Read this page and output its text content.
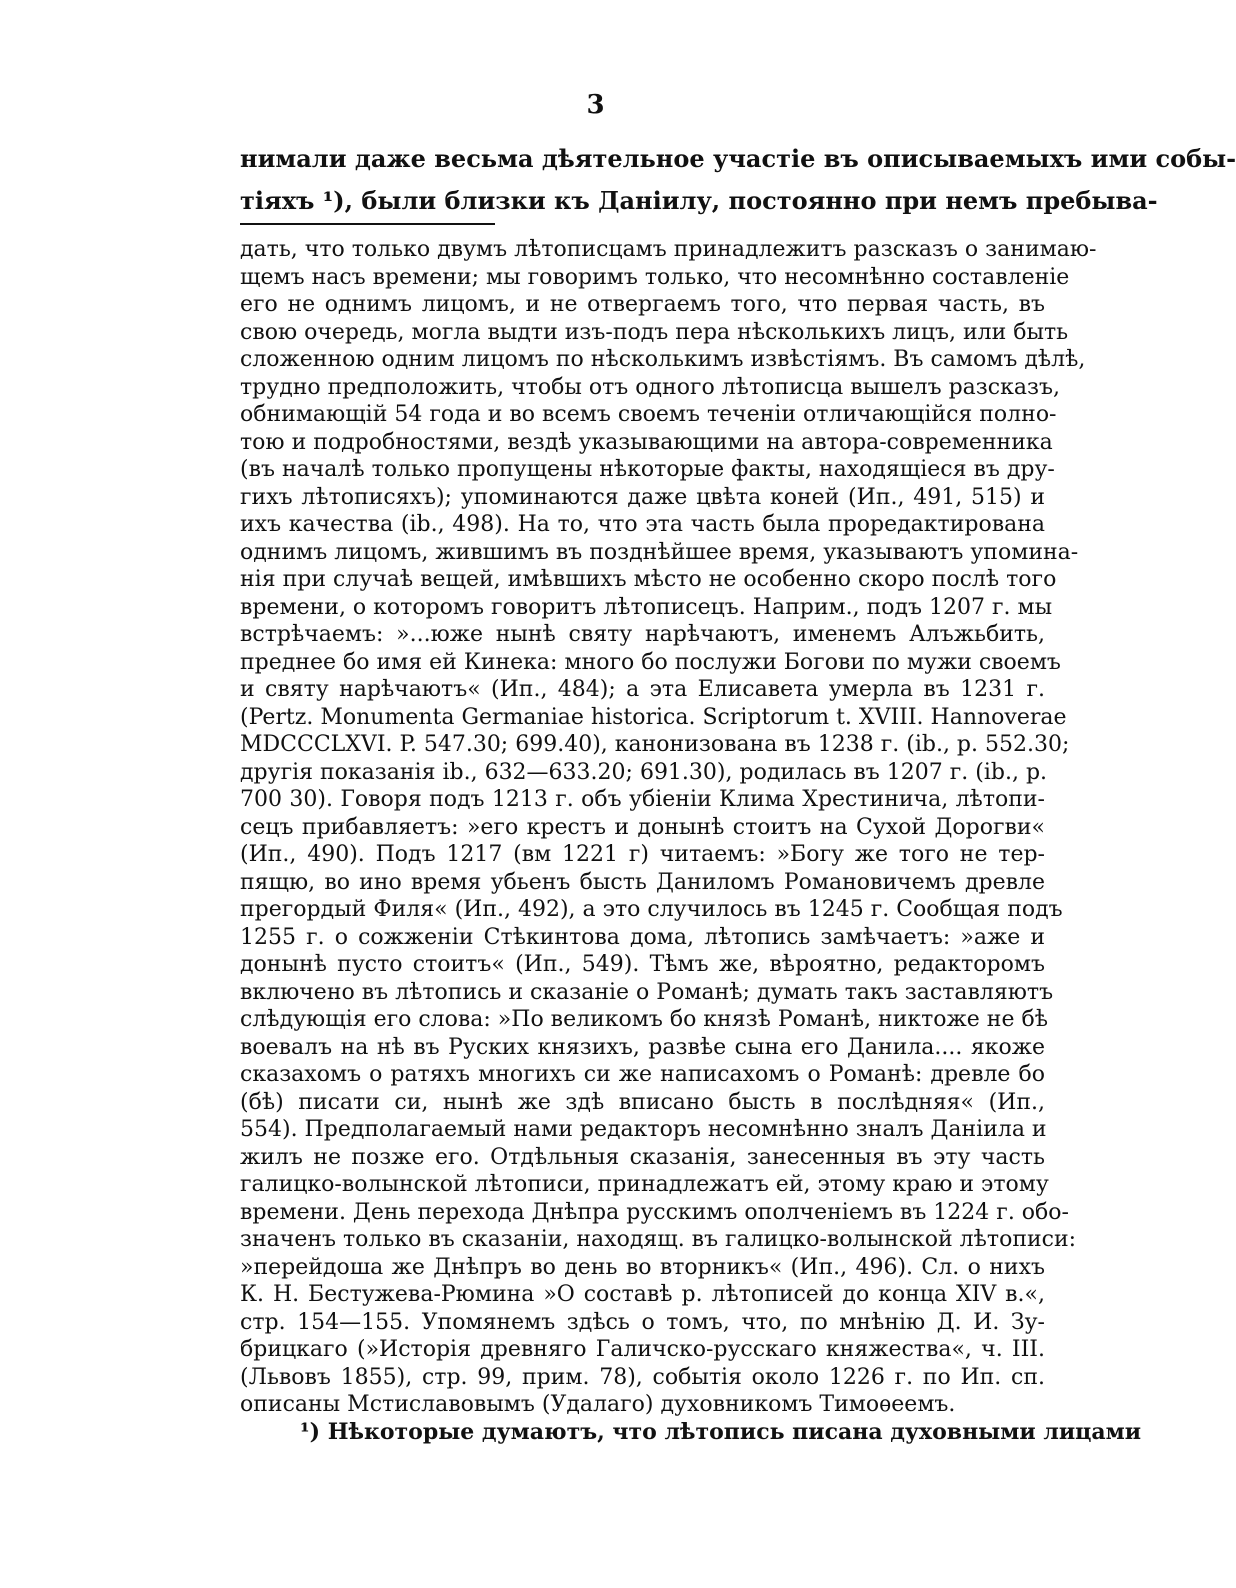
3
нимали даже весьма дѣятельное участіе въ описываемыхъ ими собы-
тіяхъ ¹), были близки къ Даніилу, постоянно при немъ пребыва-
дать, что только двумъ лѣтописцамъ принадлежитъ разсказъ о занимаю-
щемъ насъ времени; мы говоримъ только, что несомнѣнно составленіе
его не однимъ лицомъ, и не отвергаемъ того, что первая часть, въ
свою очередь, могла выдти изъ-подъ пера нѣсколькихъ лицъ, или быть
сложенною одним лицомъ по нѣсколькимъ извѣстіямъ. Въ самомъ дѣлѣ,
трудно предположить, чтобы отъ одного лѣтописца вышелъ разсказъ,
обнимающій 54 года и во всемъ своемъ теченіи отличающійся полно-
тою и подробностями, вездѣ указывающими на автора-современника
(въ началѣ только пропущены нѣкоторые факты, находящіеся въ дру-
гихъ лѣтописяхъ); упоминаются даже цвѣта коней (Ип., 491, 515) и
ихъ качества (ib., 498). На то, что эта часть была проредактирована
однимъ лицомъ, жившимъ въ позднѣйшее время, указываютъ упомина-
нія при случаѣ вещей, имѣвшихъ мѣсто не особенно скоро послѣ того
времени, о которомъ говоритъ лѣтописецъ. Наприм., подъ 1207 г. мы
встрѣчаемъ: »...юже нынѣ святу нарѣчаютъ, именемъ Алъжьбить,
преднее бо имя ей Кинека: много бо послужи Богови по мужи своемъ
и святу нарѣчаютъ« (Ип., 484); а эта Елисавета умерла въ 1231 г.
(Pertz. Monumenta Germaniae historica. Scriptorum t. XVIII. Hannoverae
MDCCCLXVI. P. 547.30; 699.40), канонизована въ 1238 г. (ib., p. 552.30;
другія показанія ib., 632—633.20; 691.30), родилась въ 1207 г. (ib., p.
700 30). Говоря подъ 1213 г. объ убіеніи Клима Хрестинича, лѣтопи-
сецъ прибавляетъ: »его крестъ и донынѣ стоитъ на Сухой Дорогви«
(Ип., 490). Подъ 1217 (вм 1221 г) читаемъ: »Богу же того не тер-
пящю, во ино время убьенъ бысть Даниломъ Романовичемъ древле
прегордый Филя« (Ип., 492), а это случилось въ 1245 г. Сообщая подъ
1255 г. о сожженіи Стѣкинтова дома, лѣтопись замѣчаетъ: »аже и
донынѣ пусто стоитъ« (Ип., 549). Тѣмъ же, вѣроятно, редакторомъ
включено въ лѣтопись и сказаніе о Романѣ; думать такъ заставляютъ
слѣдующія его слова: »По великомъ бо князѣ Романѣ, никтоже не бѣ
воевалъ на нѣ въ Руских князихъ, развѣе сына его Данила.... якоже
сказахомъ о ратяхъ многихъ си же написахомъ о Романѣ: древле бо
(бѣ) писати си, нынѣ же здѣ вписано бысть в послѣдняя« (Ип.,
554). Предполагаемый нами редакторъ несомнѣнно зналъ Даніила и
жилъ не позже его. Отдѣльныя сказанія, занесенныя въ эту часть
галицко-волынской лѣтописи, принадлежатъ ей, этому краю и этому
времени. День перехода Днѣпра русскимъ ополченіемъ въ 1224 г. обо-
значенъ только въ сказаніи, находящ. въ галицко-волынской лѣтописи:
»перейдоша же Днѣпръ во день во вторникъ« (Ип., 496). Сл. о нихъ
К. Н. Бестужева-Рюмина »О составѣ р. лѣтописей до конца XIV в.«,
стр. 154—155. Упомянемъ здѣсь о томъ, что, по мнѣнію Д. И. Зу-
брицкаго (»Исторія древняго Галичско-русскаго княжества«, ч. III.
(Львовъ 1855), стр. 99, прим. 78), событія около 1226 г. по Ип. сп.
описаны Мстиславовымъ (Удалаго) духовникомъ Тимоѳеемъ.
¹) Нѣкоторые думаютъ, что лѣтопись писана духовными лицами
